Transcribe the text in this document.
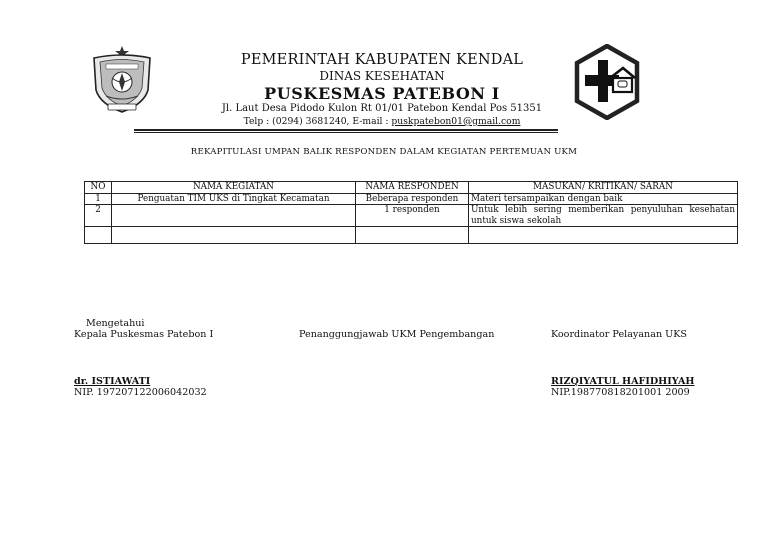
PEMERINTAH KABUPATEN KENDAL
DINAS KESEHATAN
PUSKESMAS PATEBON I
Jl. Laut Desa Pidodo Kulon Rt 01/01 Patebon Kendal Pos 51351
Telp : (0294) 3681240, E-mail : puskpatebon01@gmail.com
REKAPITULASI UMPAN BALIK RESPONDEN DALAM KEGIATAN PERTEMUAN UKM
NO	NAMA KEGIATAN	NAMA RESPONDEN	MASUKAN/ KRITIKAN/ SARAN
1	Penguatan TIM UKS di Tingkat Kecamatan	Beberapa responden	Materi tersampaikan dengan baik
2		1 responden	Untuk lebih sering memberikan penyuluhan kesehatan untuk siswa sekolah

Mengetahui
Kepala Puskesmas Patebon I	Penanggungjawab UKM Pengembangan	Koordinator Pelayanan UKS
dr. ISTIAWATI
NIP. 197207122006042032
RIZQIYATUL HAFIDHIYAH
NIP.198770818201001 2009
